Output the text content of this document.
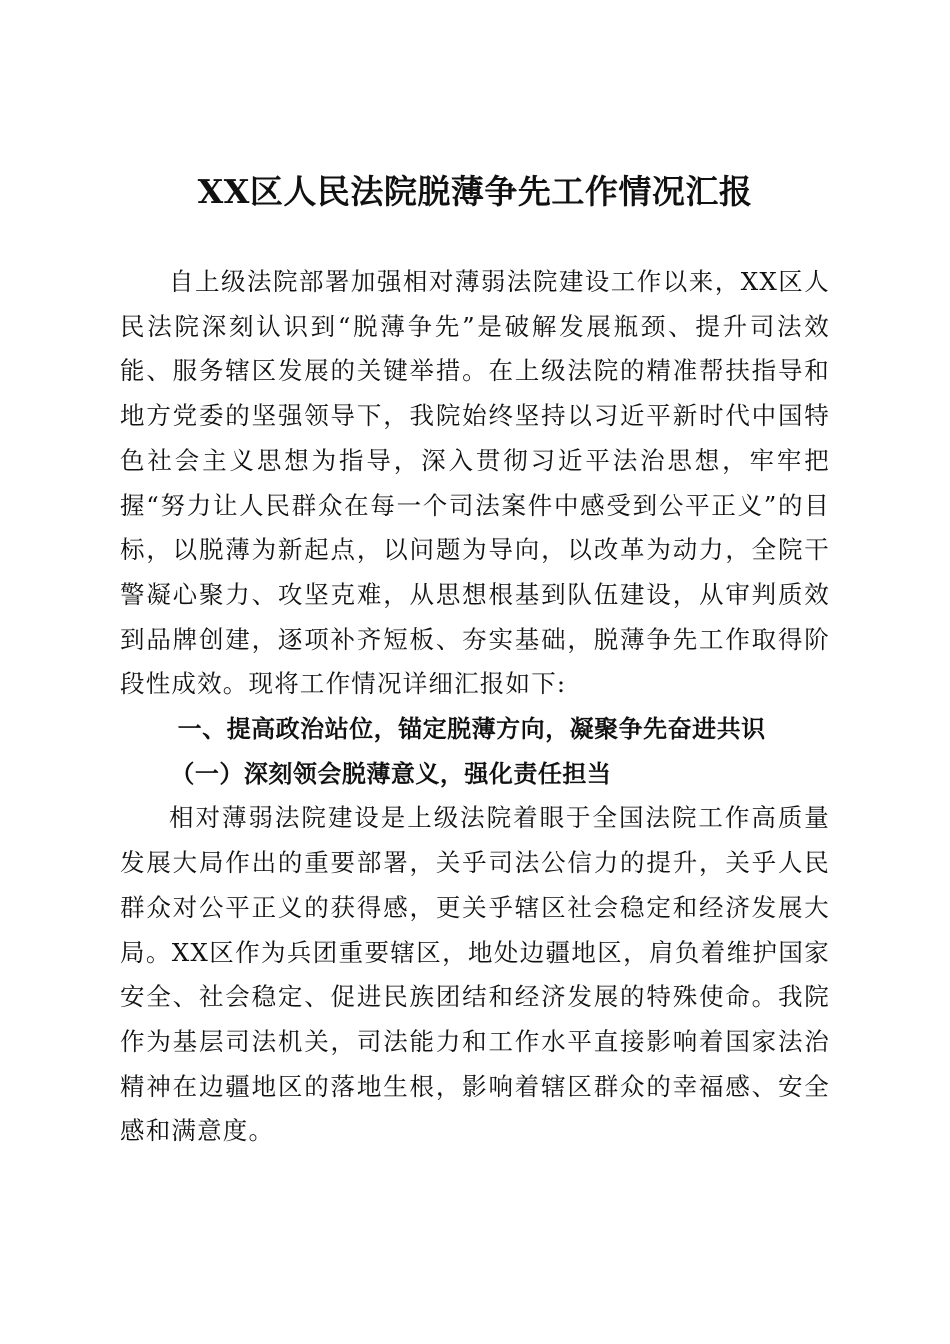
XX区人民法院脱薄争先工作情况汇报

自上级法院部署加强相对薄弱法院建设工作以来，XX区人民法院深刻认识到“脱薄争先”是破解发展瓶颈、提升司法效能、服务辖区发展的关键举措。在上级法院的精准帮扶指导和地方党委的坚强领导下，我院始终坚持以习近平新时代中国特色社会主义思想为指导，深入贯彻习近平法治思想，牢牢把握“努力让人民群众在每一个司法案件中感受到公平正义”的目标，以脱薄为新起点，以问题为导向，以改革为动力，全院干警凝心聚力、攻坚克难，从思想根基到队伍建设，从审判质效到品牌创建，逐项补齐短板、夯实基础，脱薄争先工作取得阶段性成效。现将工作情况详细汇报如下:

一、提高政治站位，锚定脱薄方向，凝聚争先奋进共识

（一）深刻领会脱薄意义，强化责任担当

相对薄弱法院建设是上级法院着眼于全国法院工作高质量发展大局作出的重要部署，关乎司法公信力的提升，关乎人民群众对公平正义的获得感，更关乎辖区社会稳定和经济发展大局。XX区作为兵团重要辖区，地处边疆地区，肩负着维护国家安全、社会稳定、促进民族团结和经济发展的特殊使命。我院作为基层司法机关，司法能力和工作水平直接影响着国家法治精神在边疆地区的落地生根，影响着辖区群众的幸福感、安全感和满意度。
